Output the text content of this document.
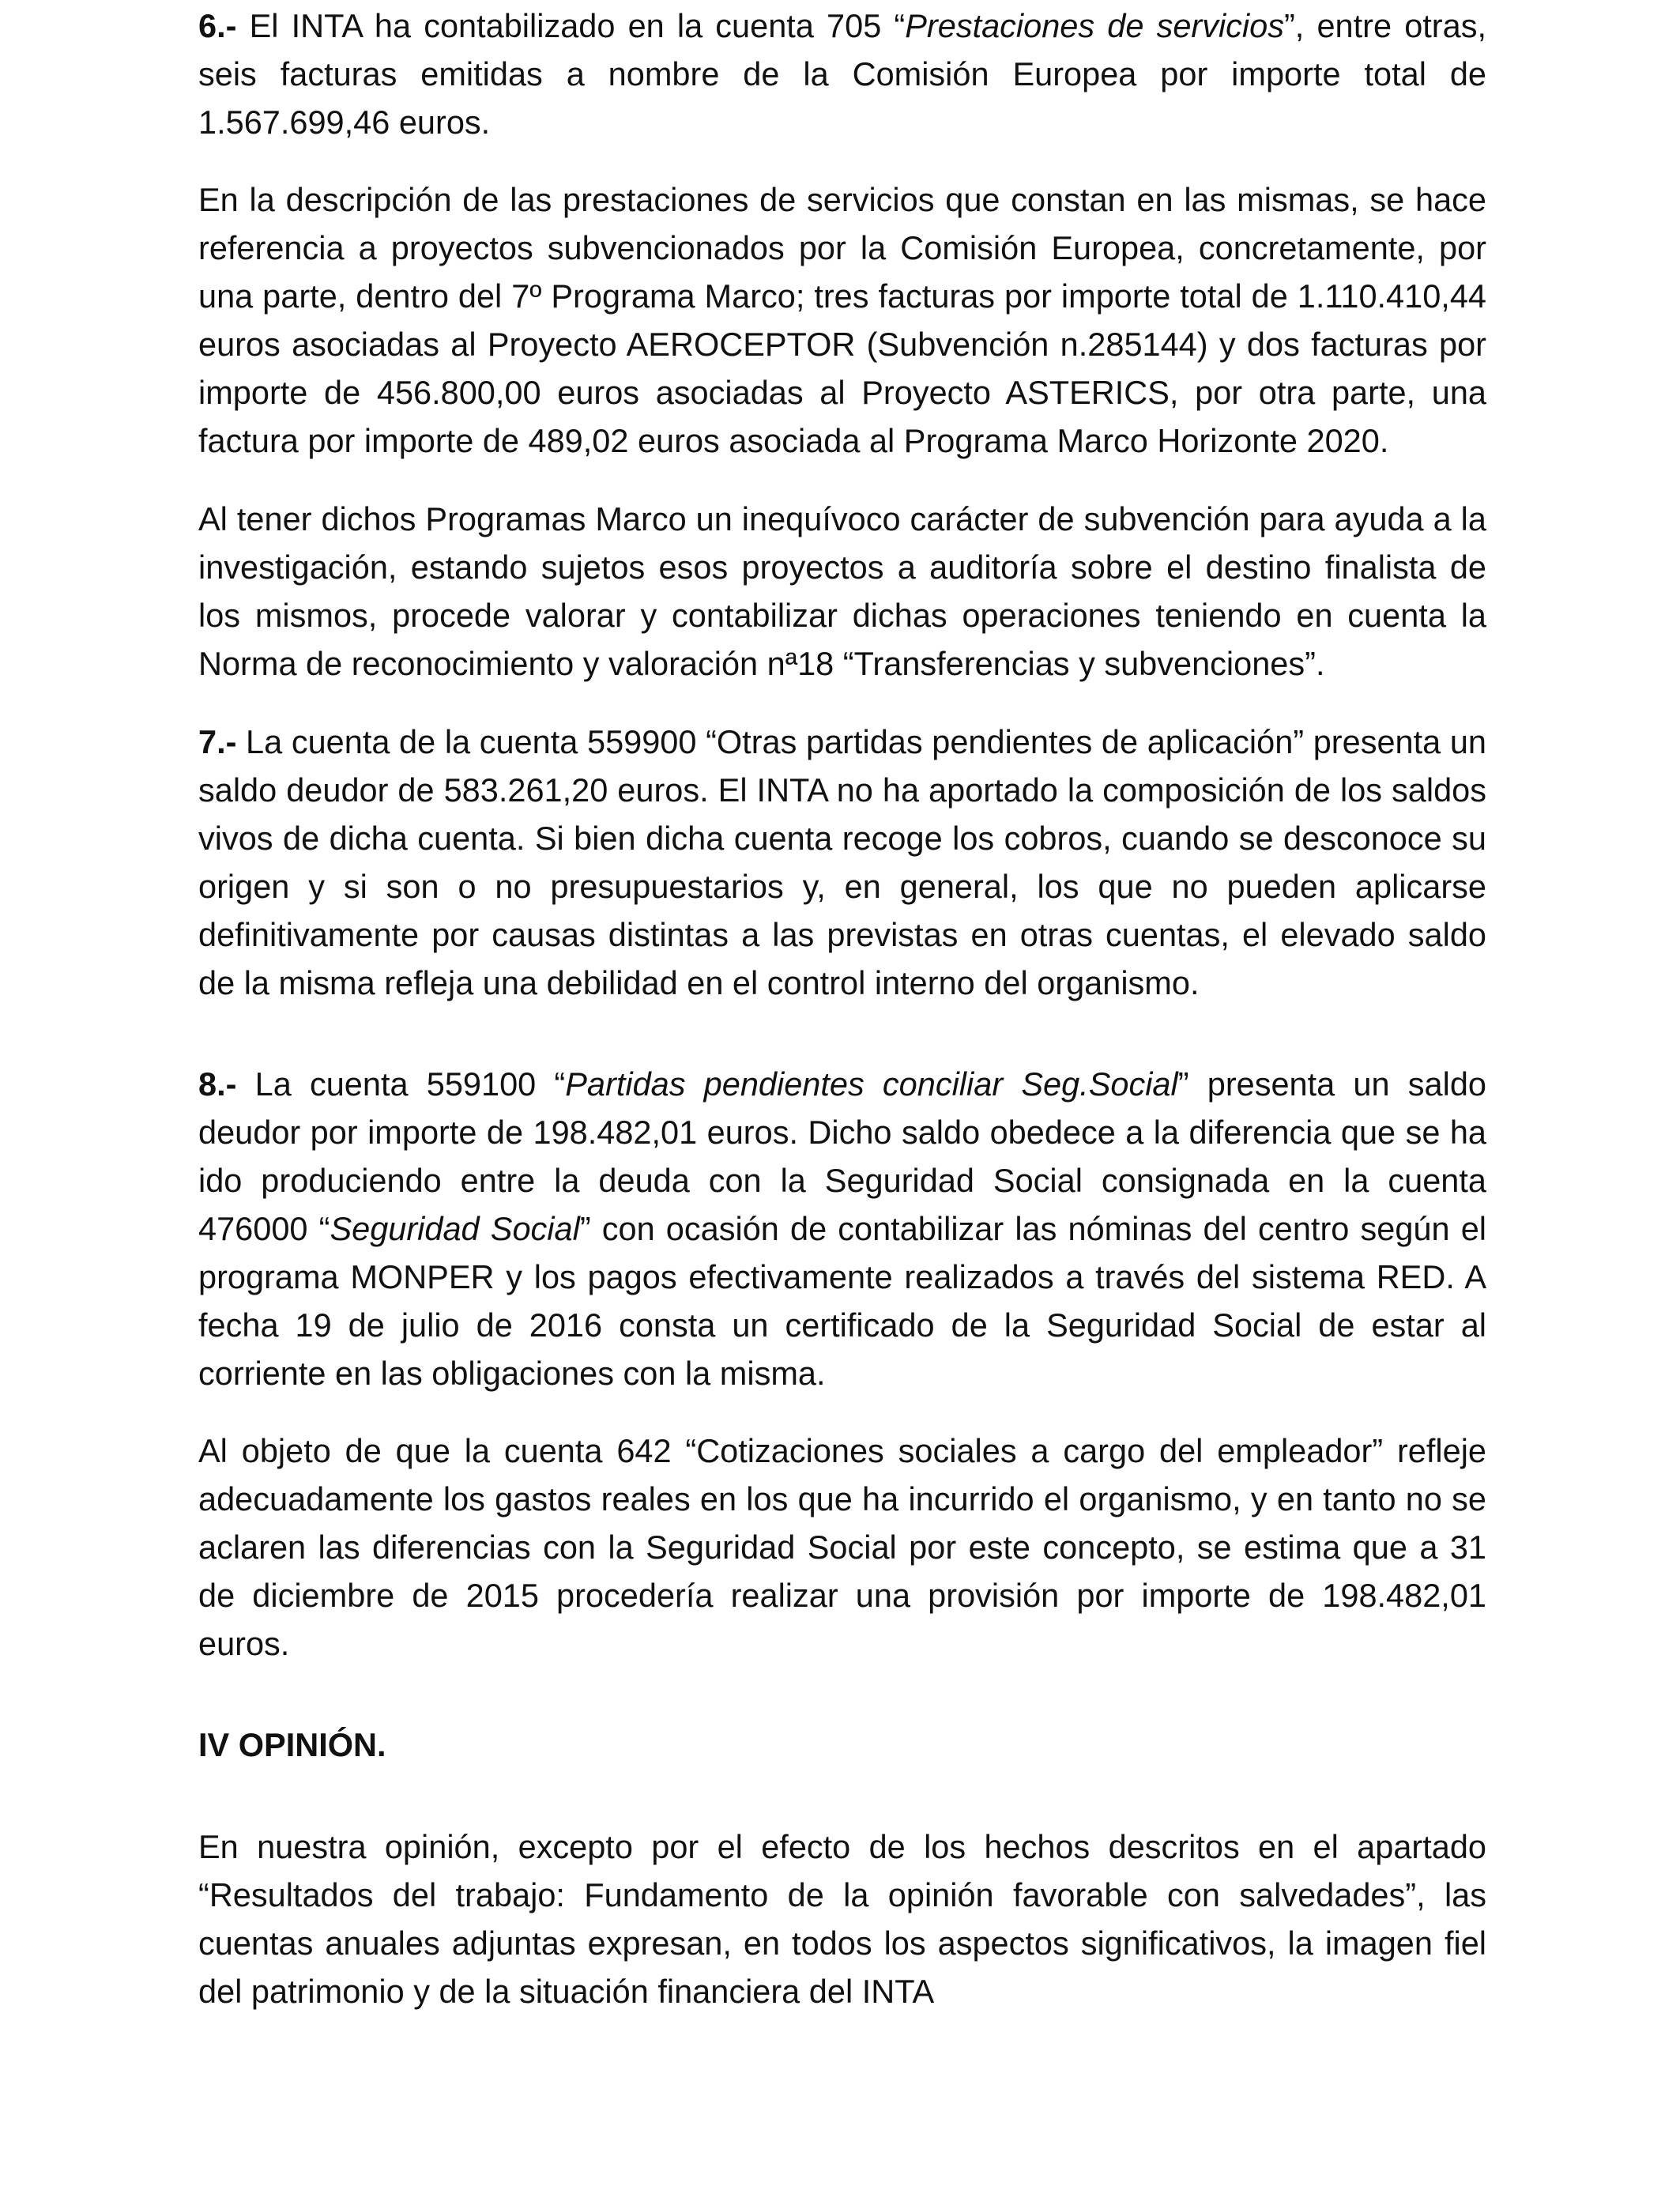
6.- El INTA ha contabilizado en la cuenta 705 “Prestaciones de servicios”, entre otras, seis facturas emitidas a nombre de la Comisión Europea por importe total de 1.567.699,46 euros.

En la descripción de las prestaciones de servicios que constan en las mismas, se hace referencia a proyectos subvencionados por la Comisión Europea, concretamente, por una parte, dentro del 7º Programa Marco; tres facturas por importe total de 1.110.410,44 euros asociadas al Proyecto AEROCEPTOR (Subvención n.285144) y dos facturas por importe de 456.800,00 euros asociadas al Proyecto ASTERICS, por otra parte, una factura por importe de 489,02 euros asociada al Programa Marco Horizonte 2020.

Al tener dichos Programas Marco un inequívoco carácter de subvención para ayuda a la investigación, estando sujetos esos proyectos a auditoría sobre el destino finalista de los mismos, procede valorar y contabilizar dichas operaciones teniendo en cuenta la Norma de reconocimiento y valoración nª18 “Transferencias y subvenciones”.

7.- La cuenta de la cuenta 559900 “Otras partidas pendientes de aplicación” presenta un saldo deudor de 583.261,20 euros. El INTA no ha aportado la composición de los saldos vivos de dicha cuenta. Si bien dicha cuenta recoge los cobros, cuando se desconoce su origen y si son o no presupuestarios y, en general, los que no pueden aplicarse definitivamente por causas distintas a las previstas en otras cuentas, el elevado saldo de la misma refleja una debilidad en el control interno del organismo.

8.- La cuenta 559100 “Partidas pendientes conciliar Seg.Social” presenta un saldo deudor por importe de 198.482,01 euros. Dicho saldo obedece a la diferencia que se ha ido produciendo entre la deuda con la Seguridad Social consignada en la cuenta 476000 “Seguridad Social” con ocasión de contabilizar las nóminas del centro según el programa MONPER y los pagos efectivamente realizados a través del sistema RED. A fecha 19 de julio de 2016 consta un certificado de la Seguridad Social de estar al corriente en las obligaciones con la misma.

Al objeto de que la cuenta 642 “Cotizaciones sociales a cargo del empleador” refleje adecuadamente los gastos reales en los que ha incurrido el organismo, y en tanto no se aclaren las diferencias con la Seguridad Social por este concepto, se estima que a 31 de diciembre de 2015 procedería realizar una provisión por importe de 198.482,01 euros.

IV OPINIÓN.

En nuestra opinión, excepto por el efecto de los hechos descritos en el apartado “Resultados del trabajo: Fundamento de la opinión favorable con salvedades”, las cuentas anuales adjuntas expresan, en todos los aspectos significativos, la imagen fiel del patrimonio y de la situación financiera del INTA
